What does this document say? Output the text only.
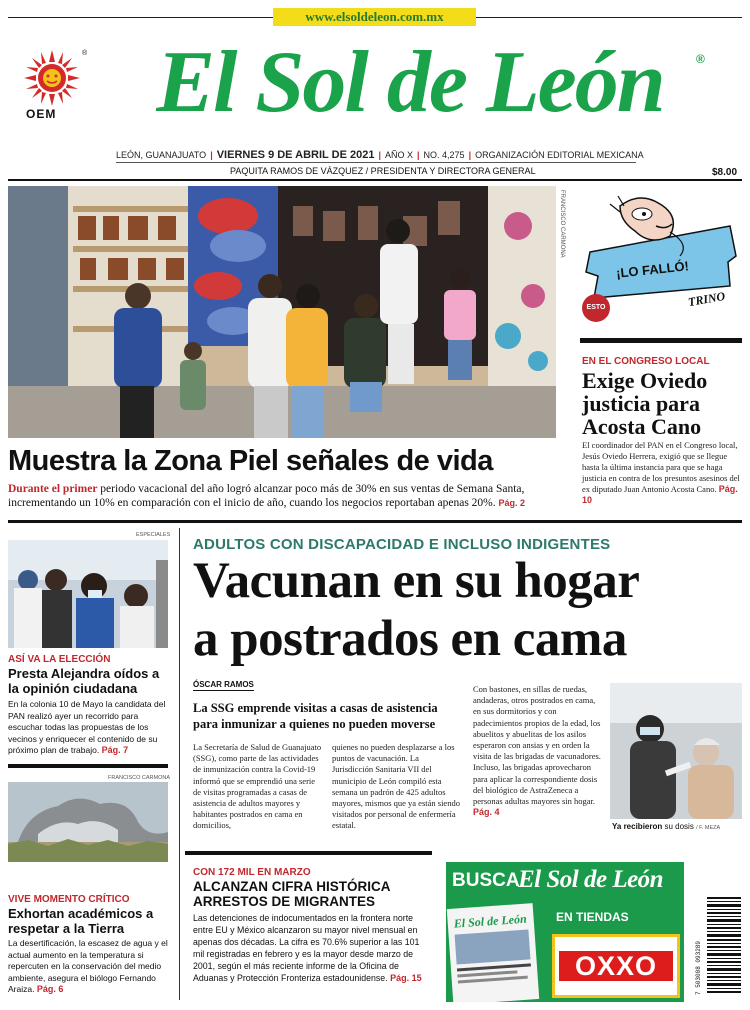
www.elsoldeleon.com.mx
®
OEM	El Sol de León	®
LEÓN, GUANAJUATO | VIERNES 9 DE ABRIL DE 2021 | AÑO X | NO. 4,275 | ORGANIZACIÓN EDITORIAL MEXICANA
PAQUITA RAMOS DE VÁZQUEZ / PRESIDENTA Y DIRECTORA GENERAL	$8.00
FRANCISCO CARMONA
Muestra la Zona Piel señales de vida
Durante el primer periodo vacacional del año logró alcanzar poco más de 30% en sus ventas de Semana Santa, incrementando un 10% en comparación con el inicio de año, cuando los negocios reportaban apenas 20%. Pág. 2
¡LO FALLÓ!
TRINO
ESTO
EN EL CONGRESO LOCAL
Exige Oviedo justicia para Acosta Cano
El coordinador del PAN en el Congreso local, Jesús Oviedo Herrera, exigió que se llegue hasta la última instancia para que se haga justicia en contra de los presuntos asesinos del ex diputado Juan Antonio Acosta Cano. Pág. 10
ESPECIALES
ASÍ VA LA ELECCIÓN
Presta Alejandra oídos a la opinión ciudadana
En la colonia 10 de Mayo la candidata del PAN realizó ayer un recorrido para escuchar todas las propuestas de los vecinos y enriquecer el contenido de su próximo plan de trabajo. Pág. 7
FRANCISCO CARMONA
VIVE MOMENTO CRÍTICO
Exhortan académicos a respetar a la Tierra
La desertificación, la escasez de agua y el actual aumento en la temperatura si repercuten en la conservación del medio ambiente, asegura el biólogo Fernando Araiza. Pág. 6
ADULTOS CON DISCAPACIDAD E INCLUSO INDIGENTES
Vacunan en su hogar
a postrados en cama
ÓSCAR RAMOS
La SSG emprende visitas a casas de asistencia para inmunizar a quienes no pueden moverse
La Secretaría de Salud de Guanajuato (SSG), como parte de las actividades de inmunización contra la Covid-19 informó que se emprendió una serie de visitas programadas a casas de asistencia de adultos mayores y habitantes postrados en cama en domicilios,
quienes no pueden desplazarse a los puntos de vacunación. La Jurisdicción Sanitaria VII del municipio de León compiló esta semana un padrón de 425 adultos mayores, mismos que ya están siendo visitados por personal de enfermería estatal.
Con bastones, en sillas de ruedas, andaderas, otros postrados en cama, en sus dormitorios y con padecimientos propios de la edad, los abuelitos y abuelitas de los asilos esperaron con ansias y en orden la visita de las brigadas de vacunadores. Incluso, las brigadas aprovecharon para aplicar la correspondiente dosis del biológico de AstraZeneca a personas adultas mayores sin hogar. Pág. 4
Ya recibieron su dosis / F. MEZA
CON 172 MIL EN MARZO
ALCANZAN CIFRA HISTÓRICA ARRESTOS DE MIGRANTES
Las detenciones de indocumentados en la frontera norte entre EU y México alcanzaron su mayor nivel mensual en apenas dos décadas. La cifra es 70.6% superior a las 101 mil registradas en febrero y es la mayor desde marzo de 2001, según el más reciente informe de la Oficina de Aduanas y Protección Fronteriza estadounidense. Pág. 15
BUSCA
El Sol de León
El Sol de León EN TIENDAS
OXXO	7 503008 093289
